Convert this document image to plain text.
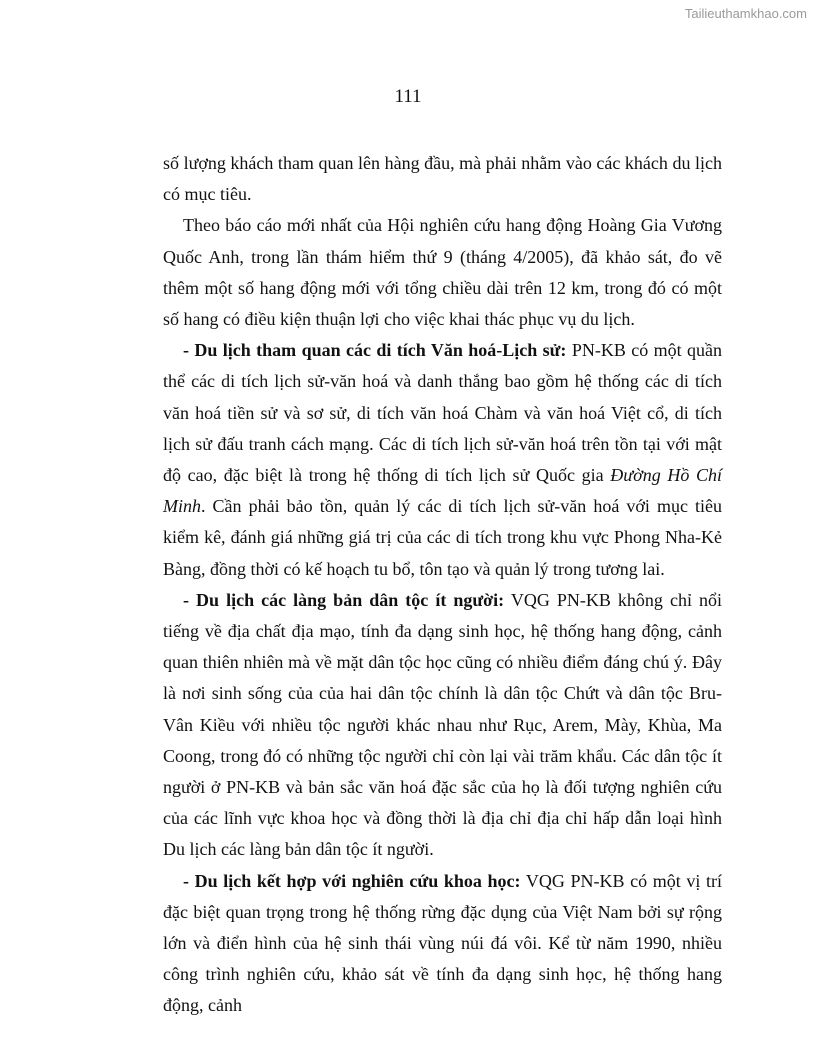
Tailieuthamkhao.com
111

số lượng khách tham quan lên hàng đầu, mà phải nhằm vào các khách du lịch có mục tiêu.

Theo báo cáo mới nhất của Hội nghiên cứu hang động Hoàng Gia Vương Quốc Anh, trong lần thám hiểm thứ 9 (tháng 4/2005), đã khảo sát, đo vẽ thêm một số hang động mới với tổng chiều dài trên 12 km, trong đó có một số hang có điều kiện thuận lợi cho việc khai thác phục vụ du lịch.

- Du lịch tham quan các di tích Văn hoá-Lịch sử: PN-KB có một quần thể các di tích lịch sử-văn hoá và danh thắng bao gồm hệ thống các di tích văn hoá tiền sử và sơ sử, di tích văn hoá Chàm và văn hoá Việt cổ, di tích lịch sử đấu tranh cách mạng. Các di tích lịch sử-văn hoá trên tồn tại với mật độ cao, đặc biệt là trong hệ thống di tích lịch sử Quốc gia Đường Hồ Chí Minh. Cần phải bảo tồn, quản lý các di tích lịch sử-văn hoá với mục tiêu kiểm kê, đánh giá những giá trị của các di tích trong khu vực Phong Nha-Kẻ Bàng, đồng thời có kế hoạch tu bổ, tôn tạo và quản lý trong tương lai.

- Du lịch các làng bản dân tộc ít người: VQG PN-KB không chỉ nổi tiếng về địa chất địa mạo, tính đa dạng sinh học, hệ thống hang động, cảnh quan thiên nhiên mà về mặt dân tộc học cũng có nhiều điểm đáng chú ý. Đây là nơi sinh sống của của hai dân tộc chính là dân tộc Chứt và dân tộc Bru-Vân Kiều với nhiều tộc người khác nhau như Rục, Arem, Mày, Khùa, Ma Coong, trong đó có những tộc người chỉ còn lại vài trăm khẩu. Các dân tộc ít người ở PN-KB và bản sắc văn hoá đặc sắc của họ là đối tượng nghiên cứu của các lĩnh vực khoa học và đồng thời là địa chỉ địa chỉ hấp dẫn loại hình Du lịch các làng bản dân tộc ít người.

- Du lịch kết hợp với nghiên cứu khoa học: VQG PN-KB có một vị trí đặc biệt quan trọng trong hệ thống rừng đặc dụng của Việt Nam bởi sự rộng lớn và điển hình của hệ sinh thái vùng núi đá vôi. Kể từ năm 1990, nhiều công trình nghiên cứu, khảo sát về tính đa dạng sinh học, hệ thống hang động, cảnh
